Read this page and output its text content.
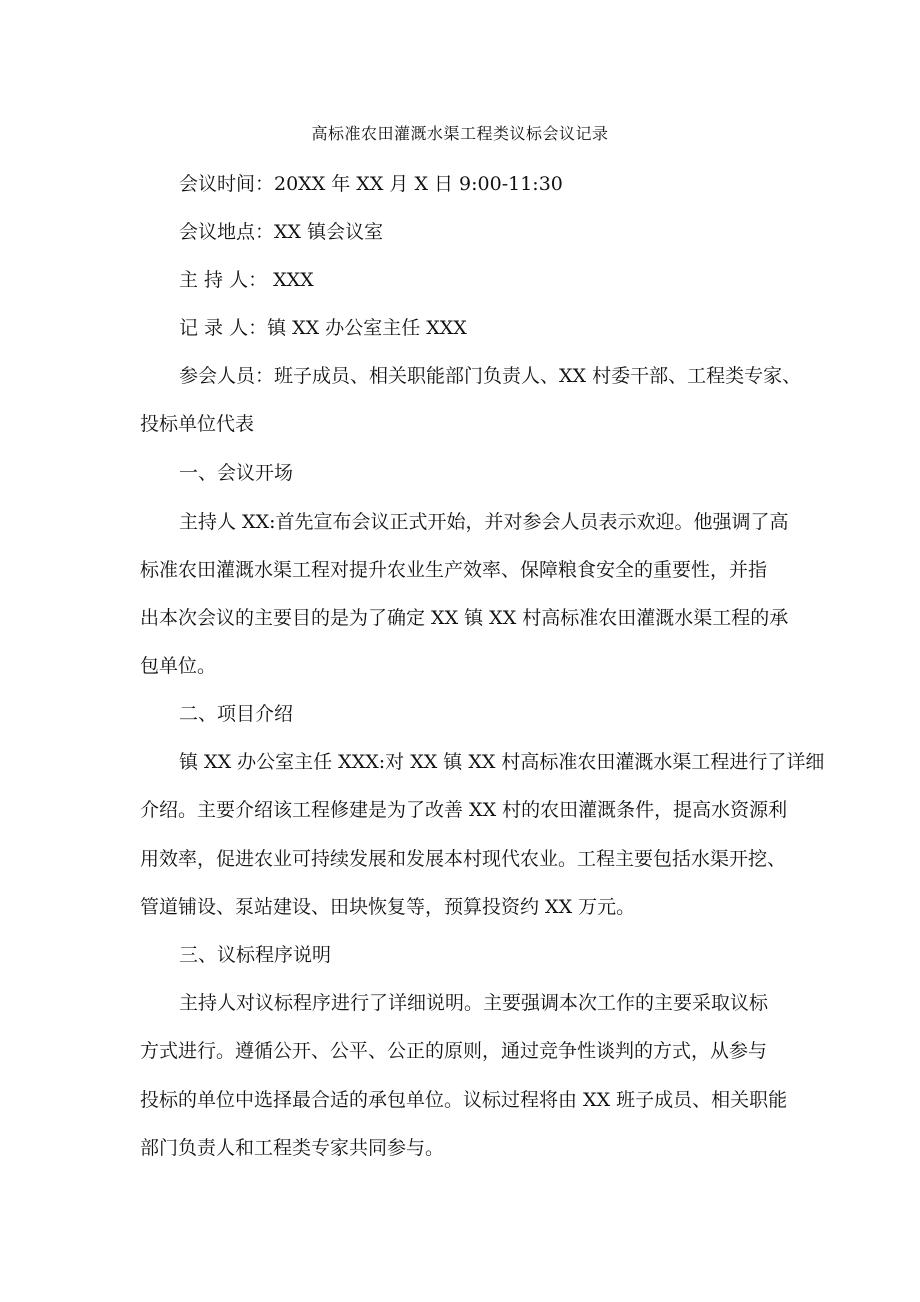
高标准农田灌溉水渠工程类议标会议记录
会议时间：20XX 年 XX 月 X 日 9:00-11:30
会议地点：XX 镇会议室
主 持 人： XXX
记 录 人：镇 XX 办公室主任 XXX
参会人员：班子成员、相关职能部门负责人、XX 村委干部、工程类专家、
投标单位代表
一、会议开场
主持人 XX:首先宣布会议正式开始，并对参会人员表示欢迎。他强调了高
标准农田灌溉水渠工程对提升农业生产效率、保障粮食安全的重要性，并指
出本次会议的主要目的是为了确定 XX 镇 XX 村高标准农田灌溉水渠工程的承
包单位。
二、项目介绍
镇 XX 办公室主任 XXX:对 XX 镇 XX 村高标准农田灌溉水渠工程进行了详细
介绍。主要介绍该工程修建是为了改善 XX 村的农田灌溉条件，提高水资源利
用效率，促进农业可持续发展和发展本村现代农业。工程主要包括水渠开挖、
管道铺设、泵站建设、田块恢复等，预算投资约 XX 万元。
三、议标程序说明
主持人对议标程序进行了详细说明。主要强调本次工作的主要采取议标
方式进行。遵循公开、公平、公正的原则，通过竞争性谈判的方式，从参与
投标的单位中选择最合适的承包单位。议标过程将由 XX 班子成员、相关职能
部门负责人和工程类专家共同参与。
